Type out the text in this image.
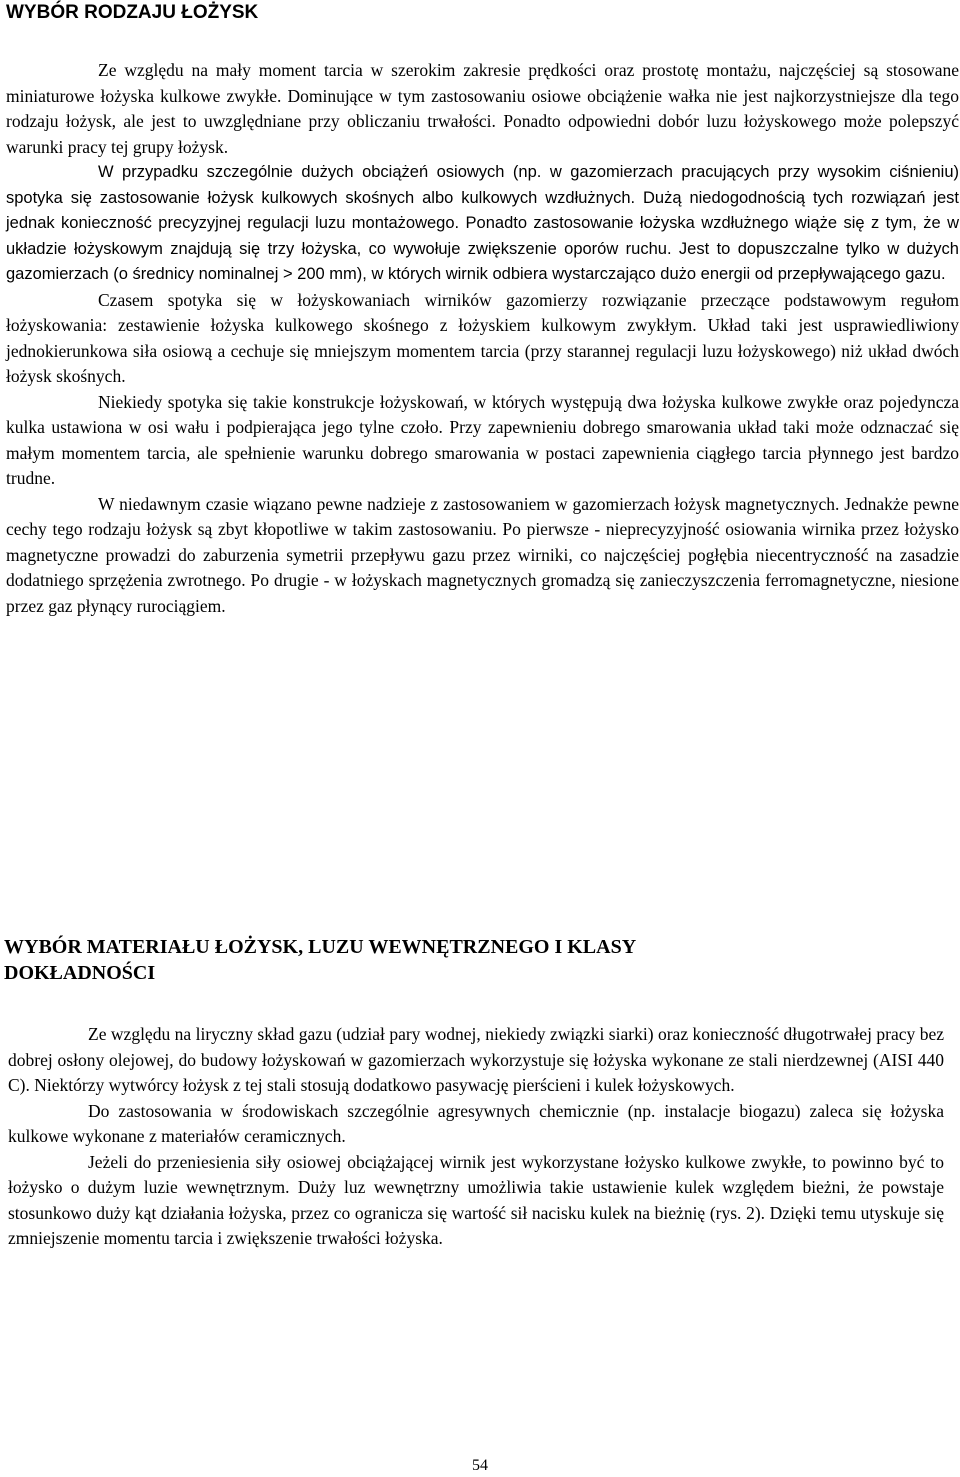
WYBÓR RODZAJU ŁOŻYSK

Ze względu na mały moment tarcia w szerokim zakresie prędkości oraz prostotę montażu, najczęściej są stosowane miniaturowe łożyska kulkowe zwykłe. Dominujące w tym zastosowaniu osiowe obciążenie wałka nie jest najkorzystniejsze dla tego rodzaju łożysk, ale jest to uwzględniane przy obliczaniu trwałości. Ponadto odpowiedni dobór luzu łożyskowego może polepszyć warunki pracy tej grupy łożysk.

W przypadku szczególnie dużych obciążeń osiowych (np. w gazomierzach pracujących przy wysokim ciśnieniu) spotyka się zastosowanie łożysk kulkowych skośnych albo kulkowych wzdłużnych. Dużą niedogodnością tych rozwiązań jest jednak konieczność precyzyjnej regulacji luzu montażowego. Ponadto zastosowanie łożyska wzdłużnego wiąże się z tym, że w układzie łożyskowym znajdują się trzy łożyska, co wywołuje zwiększenie oporów ruchu. Jest to dopuszczalne tylko w dużych gazomierzach (o średnicy nominalnej > 200 mm), w których wirnik odbiera wystarczająco dużo energii od przepływającego gazu.

Czasem spotyka się w łożyskowaniach wirników gazomierzy rozwiązanie przeczące podstawowym regułom łożyskowania: zestawienie łożyska kulkowego skośnego z łożyskiem kulkowym zwykłym. Układ taki jest usprawiedliwiony jednokierunkowa siła osiową a cechuje się mniejszym momentem tarcia (przy starannej regulacji luzu łożyskowego) niż układ dwóch łożysk skośnych.

Niekiedy spotyka się takie konstrukcje łożyskowań, w których występują dwa łożyska kulkowe zwykłe oraz pojedyncza kulka ustawiona w osi wału i podpierająca jego tylne czoło. Przy zapewnieniu dobrego smarowania układ taki może odznaczać się małym momentem tarcia, ale spełnienie warunku dobrego smarowania w postaci zapewnienia ciągłego tarcia płynnego jest bardzo trudne.

W niedawnym czasie wiązano pewne nadzieje z zastosowaniem w gazomierzach łożysk magnetycznych. Jednakże pewne cechy tego rodzaju łożysk są zbyt kłopotliwe w takim zastosowaniu. Po pierwsze - nieprecyzyjność osiowania wirnika przez łożysko magnetyczne prowadzi do zaburzenia symetrii przepływu gazu przez wirniki, co najczęściej pogłębia niecentryczność na zasadzie dodatniego sprzężenia zwrotnego. Po drugie - w łożyskach magnetycznych gromadzą się zanieczyszczenia ferromagnetyczne, niesione przez gaz płynący rurociągiem.

WYBÓR MATERIAŁU ŁOŻYSK, LUZU WEWNĘTRZNEGO I KLASY DOKŁADNOŚCI

Ze względu na liryczny skład gazu (udział pary wodnej, niekiedy związki siarki) oraz konieczność długotrwałej pracy bez dobrej osłony olejowej, do budowy łożyskowań w gazomierzach wykorzystuje się łożyska wykonane ze stali nierdzewnej (AISI 440 C). Niektórzy wytwórcy łożysk z tej stali stosują dodatkowo pasywację pierścieni i kulek łożyskowych.

Do zastosowania w środowiskach szczególnie agresywnych chemicznie (np. instalacje biogazu) zaleca się łożyska kulkowe wykonane z materiałów ceramicznych.

Jeżeli do przeniesienia siły osiowej obciążającej wirnik jest wykorzystane łożysko kulkowe zwykłe, to powinno być to łożysko o dużym luzie wewnętrznym. Duży luz wewnętrzny umożliwia takie ustawienie kulek względem bieżni, że powstaje stosunkowo duży kąt działania łożyska, przez co ogranicza się wartość sił nacisku kulek na bieżnię (rys. 2). Dzięki temu utyskuje się zmniejszenie momentu tarcia i zwiększenie trwałości łożyska.

54
